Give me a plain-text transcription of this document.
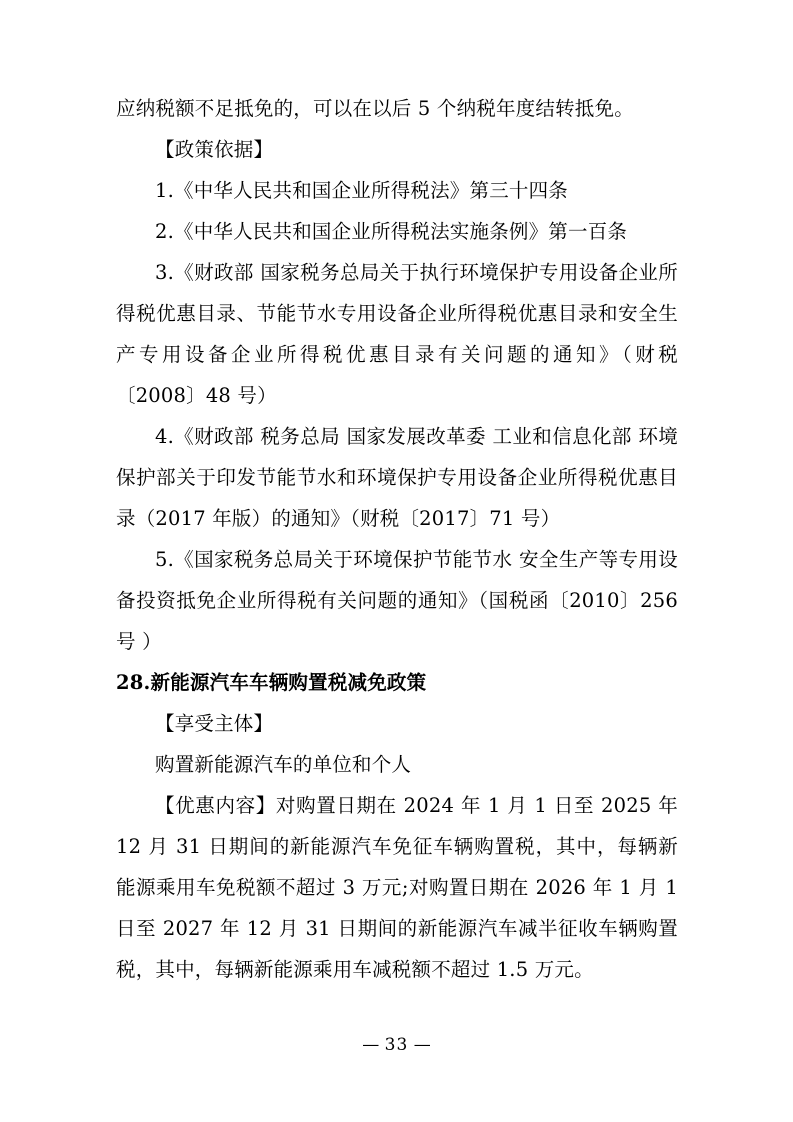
应纳税额不足抵免的，可以在以后 5 个纳税年度结转抵免。

【政策依据】

1.《中华人民共和国企业所得税法》第三十四条

2.《中华人民共和国企业所得税法实施条例》第一百条

3.《财政部 国家税务总局关于执行环境保护专用设备企业所得税优惠目录、节能节水专用设备企业所得税优惠目录和安全生产专用设备企业所得税优惠目录有关问题的通知》（财税〔2008〕48 号）

4.《财政部 税务总局 国家发展改革委 工业和信息化部 环境保护部关于印发节能节水和环境保护专用设备企业所得税优惠目录（2017 年版）的通知》（财税〔2017〕71 号）

5.《国家税务总局关于环境保护节能节水 安全生产等专用设备投资抵免企业所得税有关问题的通知》（国税函〔2010〕256 号 ）

28.新能源汽车车辆购置税减免政策

【享受主体】

购置新能源汽车的单位和个人

【优惠内容】对购置日期在 2024 年 1 月 1 日至 2025 年 12 月 31 日期间的新能源汽车免征车辆购置税，其中，每辆新能源乘用车免税额不超过 3 万元;对购置日期在 2026 年 1 月 1 日至 2027 年 12 月 31 日期间的新能源汽车减半征收车辆购置税，其中，每辆新能源乘用车减税额不超过 1.5 万元。

— 33 —
